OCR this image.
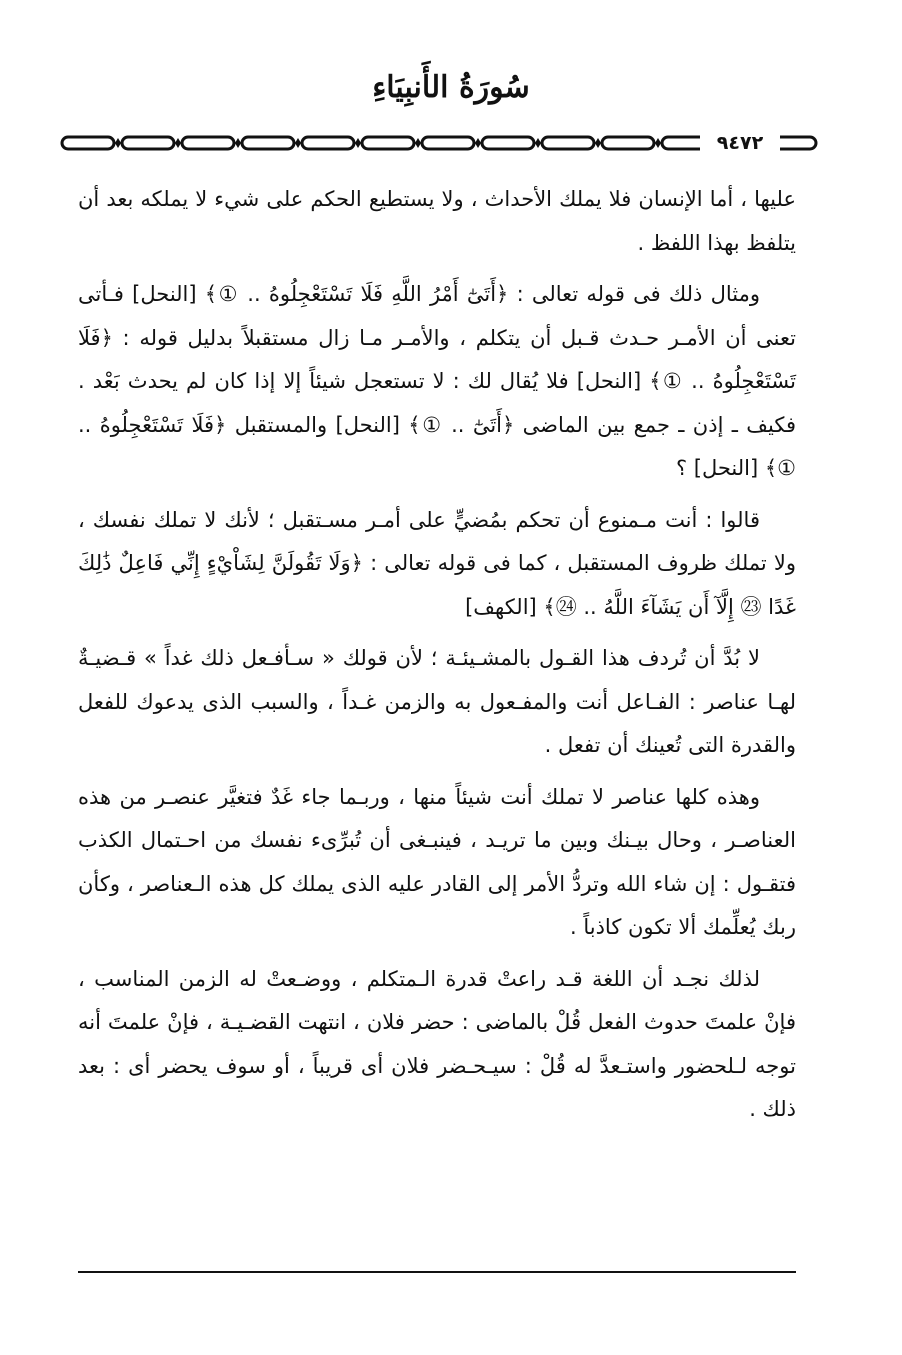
سُورَةُ الأَنبِيَاءِ
٩٤٧٢

عليها ، أما الإنسان فلا يملك الأحداث ، ولا يستطيع الحكم على شيء لا يملكه بعد أن يتلفظ بهذا اللفظ .

ومثال ذلك فى قوله تعالى : ﴿أَتَىٰٓ أَمْرُ اللَّهِ فَلَا تَسْتَعْجِلُوهُ .. ①﴾ [النحل] فـأتى تعنى أن الأمـر حـدث قـبل أن يتكلم ، والأمـر مـا زال مستقبلاً بدليل قوله : ﴿فَلَا تَسْتَعْجِلُوهُ .. ①﴾ [النحل] فلا يُقال لك : لا تستعجل شيئاً إلا إذا كان لم يحدث بَعْد . فكيف ـ إذن ـ جمع بين الماضى ﴿أَتَىٰٓ .. ①﴾ [النحل] والمستقبل ﴿فَلَا تَسْتَعْجِلُوهُ .. ①﴾ [النحل] ؟

قالوا : أنت مـمنوع أن تحكم بمُضيٍّ على أمـر مسـتقبل ؛ لأنك لا تملك نفسك ، ولا تملك ظروف المستقبل ، كما فى قوله تعالى : ﴿وَلَا تَقُولَنَّ لِشَاْيْءٍ إِنِّي فَاعِلٌ ذَٰلِكَ غَدًا ㉓ إِلَّآ أَن يَشَآءَ اللَّهُ .. ㉔﴾ [الكهف]

لا بُدَّ أن تُردف هذا القـول بالمشـيئـة ؛ لأن قولك « سـأفـعل ذلك غداً » قـضيـةٌ لهـا عناصر : الفـاعل أنت والمفـعول به والزمن غـداً ، والسبب الذى يدعوك للفعل والقدرة التى تُعينك أن تفعل .

وهذه كلها عناصر لا تملك أنت شيئاً منها ، وربـما جاء غَدٌ فتغيَّر عنصـر من هذه العناصـر ، وحال بيـنك وبين ما تريـد ، فينبـغى أن تُبرِّىء نفسك من احـتمال الكذب فتقـول : إن شاء الله وتردُّ الأمر إلى القادر عليه الذى يملك كل هذه الـعناصر ، وكأن ربك يُعلِّمك ألا تكون كاذباً .

لذلك نجـد أن اللغة قـد راعتْ قدرة الـمتكلم ، ووضـعتْ له الزمن المناسب ، فإنْ علمتَ حدوث الفعل قُلْ بالماضى : حضر فلان ، انتهت القضـيـة ، فإنْ علمتَ أنه توجه لـلحضور واستـعدَّ له قُلْ : سيـحـضر فلان أى قريباً ، أو سوف يحضر أى : بعد ذلك .
